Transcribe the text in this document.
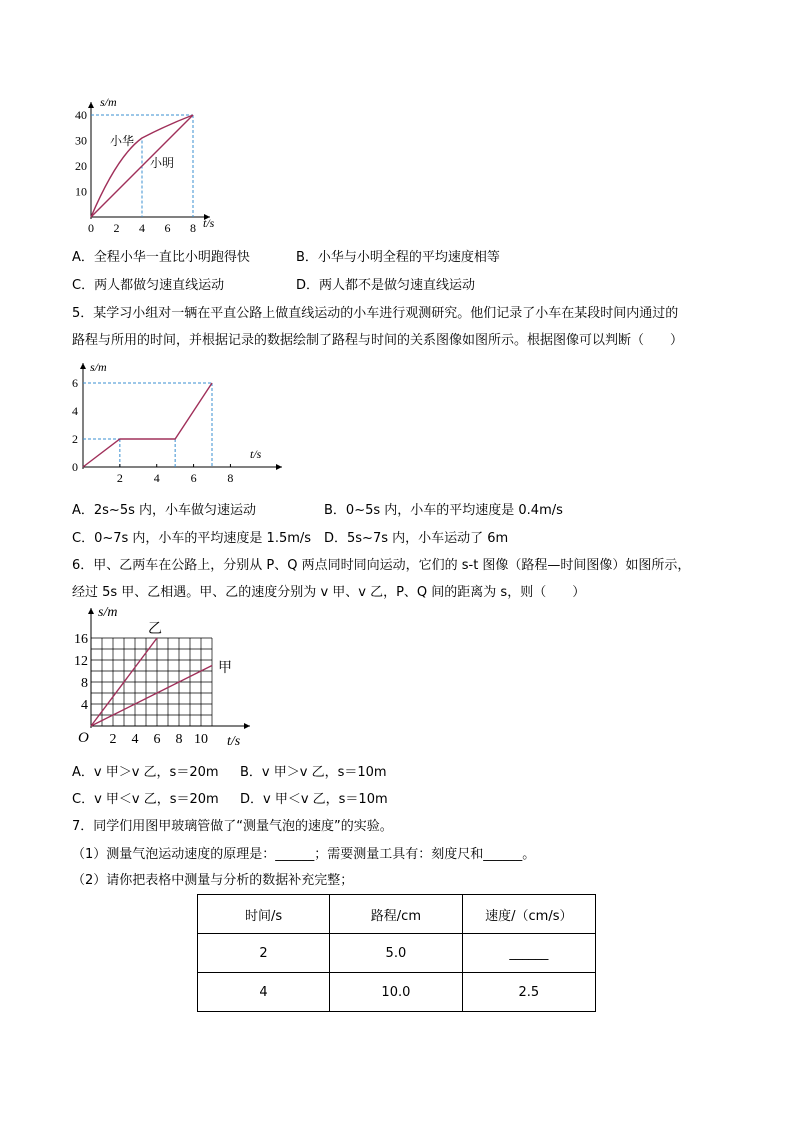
s/m
t/s
40
30
20
10
0 2 4 6 8
小华
小明
A．全程小华一直比小明跑得快	B．小华与小明全程的平均速度相等
C．两人都做匀速直线运动	D．两人都不是做匀速直线运动
5．某学习小组对一辆在平直公路上做直线运动的小车进行观测研究。他们记录了小车在某段时间内通过的
路程与所用的时间，并根据记录的数据绘制了路程与时间的关系图像如图所示。根据图像可以判断（　　）
s/m
t/s
6
4
2
0
2	4	6	8
A．2s~5s 内，小车做匀速运动	B．0~5s 内，小车的平均速度是 0.4m/s
C．0~7s 内，小车的平均速度是 1.5m/s D．5s~7s 内，小车运动了 6m
6．甲、乙两车在公路上，分别从 P、Q 两点同时同向运动，它们的 s-t 图像（路程—时间图像）如图所示，
经过 5s 甲、乙相遇。甲、乙的速度分别为 v 甲、v 乙，P、Q 间的距离为 s，则（　　）
s/m
t/s
O
16
12
8
4
2 4 6 8 10
乙
甲
A．v 甲＞v 乙，s＝20m B．v 甲＞v 乙，s＝10m
C．v 甲＜v 乙，s＝20m D．v 甲＜v 乙，s＝10m
7．同学们用图甲玻璃管做了“测量气泡的速度”的实验。
（1）测量气泡运动速度的原理是：______；需要测量工具有：刻度尺和______。
（2）请你把表格中测量与分析的数据补充完整；
时间/s	路程/cm	速度/（cm/s）
2	5.0	______
4	10.0	2.5
